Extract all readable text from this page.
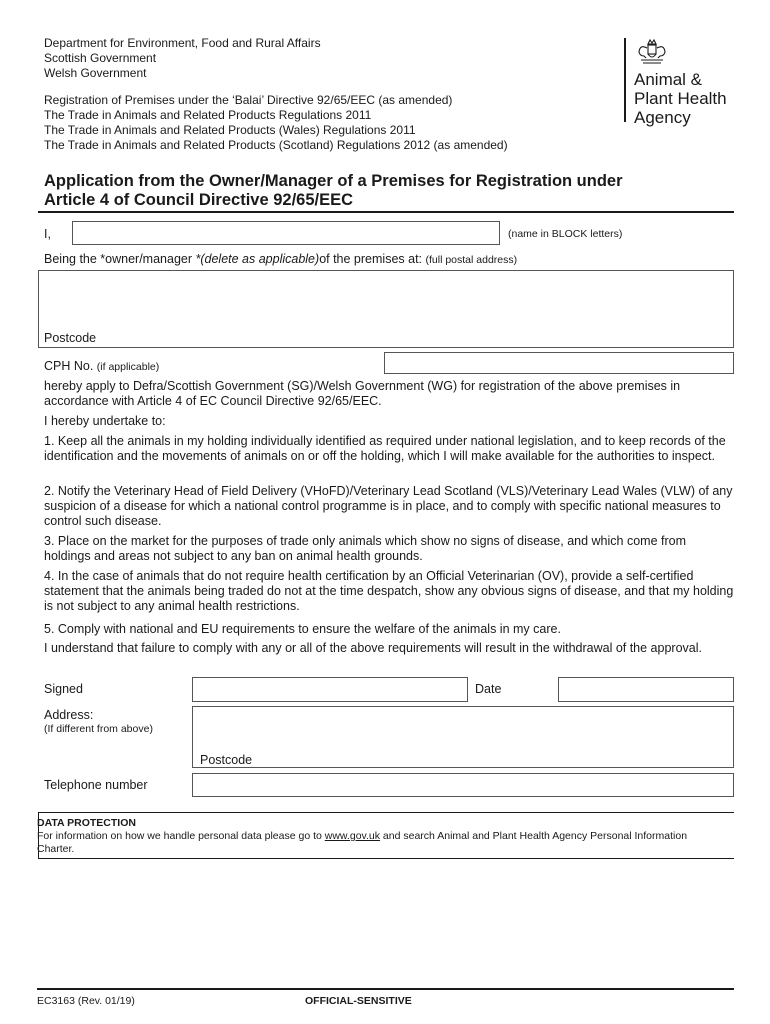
Department for Environment, Food and Rural Affairs
Scottish Government
Welsh Government
Registration of Premises under the ‘Balai’ Directive 92/65/EEC (as amended)
The Trade in Animals and Related Products Regulations 2011
The Trade in Animals and Related Products (Wales) Regulations 2011
The Trade in Animals and Related Products (Scotland) Regulations 2012 (as amended)
Animal &
Plant Health
Agency
Application from the Owner/Manager of a Premises for Registration under
Article 4 of Council Directive 92/65/EEC
I,	(name in BLOCK letters)
Being the *owner/manager *(delete as applicable)of the premises at: (full postal address)
Postcode
CPH No. (if applicable)
hereby apply to Defra/Scottish Government (SG)/Welsh Government (WG) for registration of the above premises in accordance with Article 4 of EC Council Directive 92/65/EEC.
I hereby undertake to:
1. Keep all the animals in my holding individually identified as required under national legislation, and to keep records of the identification and the movements of animals on or off the holding, which I will make available for the authorities to inspect.
2. Notify the Veterinary Head of Field Delivery (VHoFD)/Veterinary Lead Scotland (VLS)/Veterinary Lead Wales (VLW) of any suspicion of a disease for which a national control programme is in place, and to comply with specific national measures to control such disease.
3. Place on the market for the purposes of trade only animals which show no signs of disease, and which come from holdings and areas not subject to any ban on animal health grounds.
4. In the case of animals that do not require health certification by an Official Veterinarian (OV), provide a self-certified statement that the animals being traded do not at the time despatch, show any obvious signs of disease, and that my holding is not subject to any animal health restrictions.
5. Comply with national and EU requirements to ensure the welfare of the animals in my care.
I understand that failure to comply with any or all of the above requirements will result in the withdrawal of the approval.
Signed	Date
Address:
(If different from above)
Postcode
Telephone number
DATA PROTECTION
For information on how we handle personal data please go to www.gov.uk and search Animal and Plant Health Agency Personal Information Charter.
EC3163 (Rev. 01/19)	OFFICIAL-SENSITIVE
